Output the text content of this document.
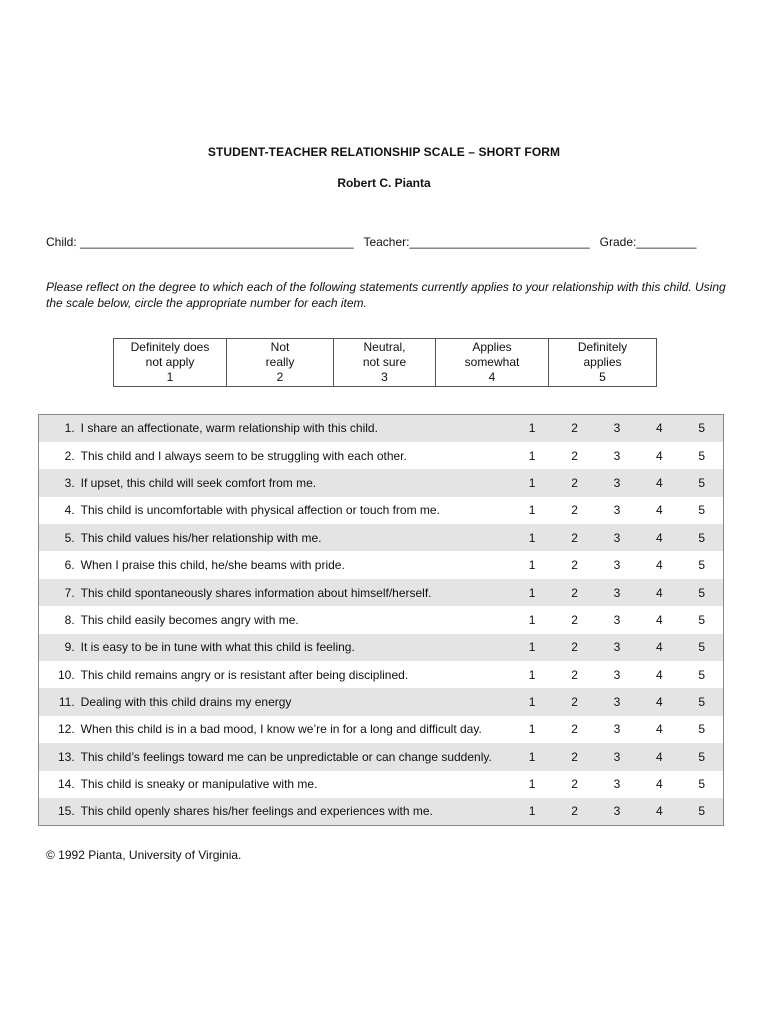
STUDENT-TEACHER RELATIONSHIP SCALE – SHORT FORM
Robert C. Pianta
Child: _________________________________________ Teacher:___________________________ Grade:_________
Please reflect on the degree to which each of the following statements currently applies to your relationship with this child. Using the scale below, circle the appropriate number for each item.
Definitely does
not apply
1

Not
really
2

Neutral,
not sure
3

Applies
somewhat
4

Definitely
applies
5
1.	I share an affectionate, warm relationship with this child.	1	2	3	4	5
2.	This child and I always seem to be struggling with each other.	1	2	3	4	5
3.	If upset, this child will seek comfort from me.	1	2	3	4	5
4.	This child is uncomfortable with physical affection or touch from me.	1	2	3	4	5
5.	This child values his/her relationship with me.	1	2	3	4	5
6.	When I praise this child, he/she beams with pride.	1	2	3	4	5
7.	This child spontaneously shares information about himself/herself.	1	2	3	4	5
8.	This child easily becomes angry with me.	1	2	3	4	5
9.	It is easy to be in tune with what this child is feeling.	1	2	3	4	5
10.	This child remains angry or is resistant after being disciplined.	1	2	3	4	5
11.	Dealing with this child drains my energy	1	2	3	4	5
12.	When this child is in a bad mood, I know we’re in for a long and difficult day.	1	2	3	4	5
13.	This child’s feelings toward me can be unpredictable or can change suddenly.	1	2	3	4	5
14.	This child is sneaky or manipulative with me.	1	2	3	4	5
15.	This child openly shares his/her feelings and experiences with me.	1	2	3	4	5
© 1992 Pianta, University of Virginia.
